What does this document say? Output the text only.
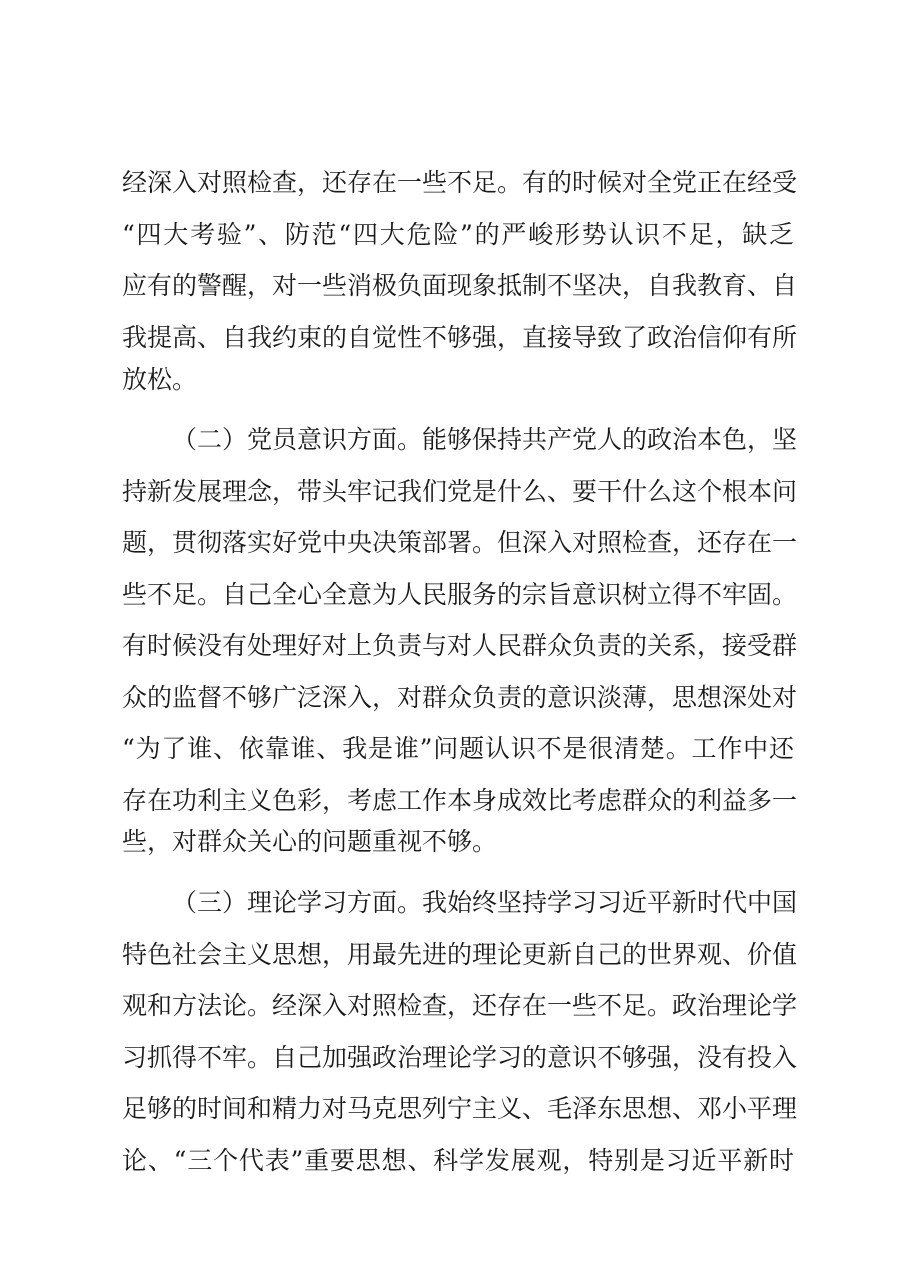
经深入对照检查，还存在一些不足。有的时候对全党正在经受
“四大考验”、防范“四大危险”的严峻形势认识不足，缺乏
应有的警醒，对一些消极负面现象抵制不坚决，自我教育、自
我提高、自我约束的自觉性不够强，直接导致了政治信仰有所
放松。
（二）党员意识方面。能够保持共产党人的政治本色，坚
持新发展理念，带头牢记我们党是什么、要干什么这个根本问
题，贯彻落实好党中央决策部署。但深入对照检查，还存在一
些不足。自己全心全意为人民服务的宗旨意识树立得不牢固。
有时候没有处理好对上负责与对人民群众负责的关系，接受群
众的监督不够广泛深入，对群众负责的意识淡薄，思想深处对
“为了谁、依靠谁、我是谁”问题认识不是很清楚。工作中还
存在功利主义色彩，考虑工作本身成效比考虑群众的利益多一
些，对群众关心的问题重视不够。
（三）理论学习方面。我始终坚持学习习近平新时代中国
特色社会主义思想，用最先进的理论更新自己的世界观、价值
观和方法论。经深入对照检查，还存在一些不足。政治理论学
习抓得不牢。自己加强政治理论学习的意识不够强，没有投入
足够的时间和精力对马克思列宁主义、毛泽东思想、邓小平理
论、“三个代表”重要思想、科学发展观，特别是习近平新时
